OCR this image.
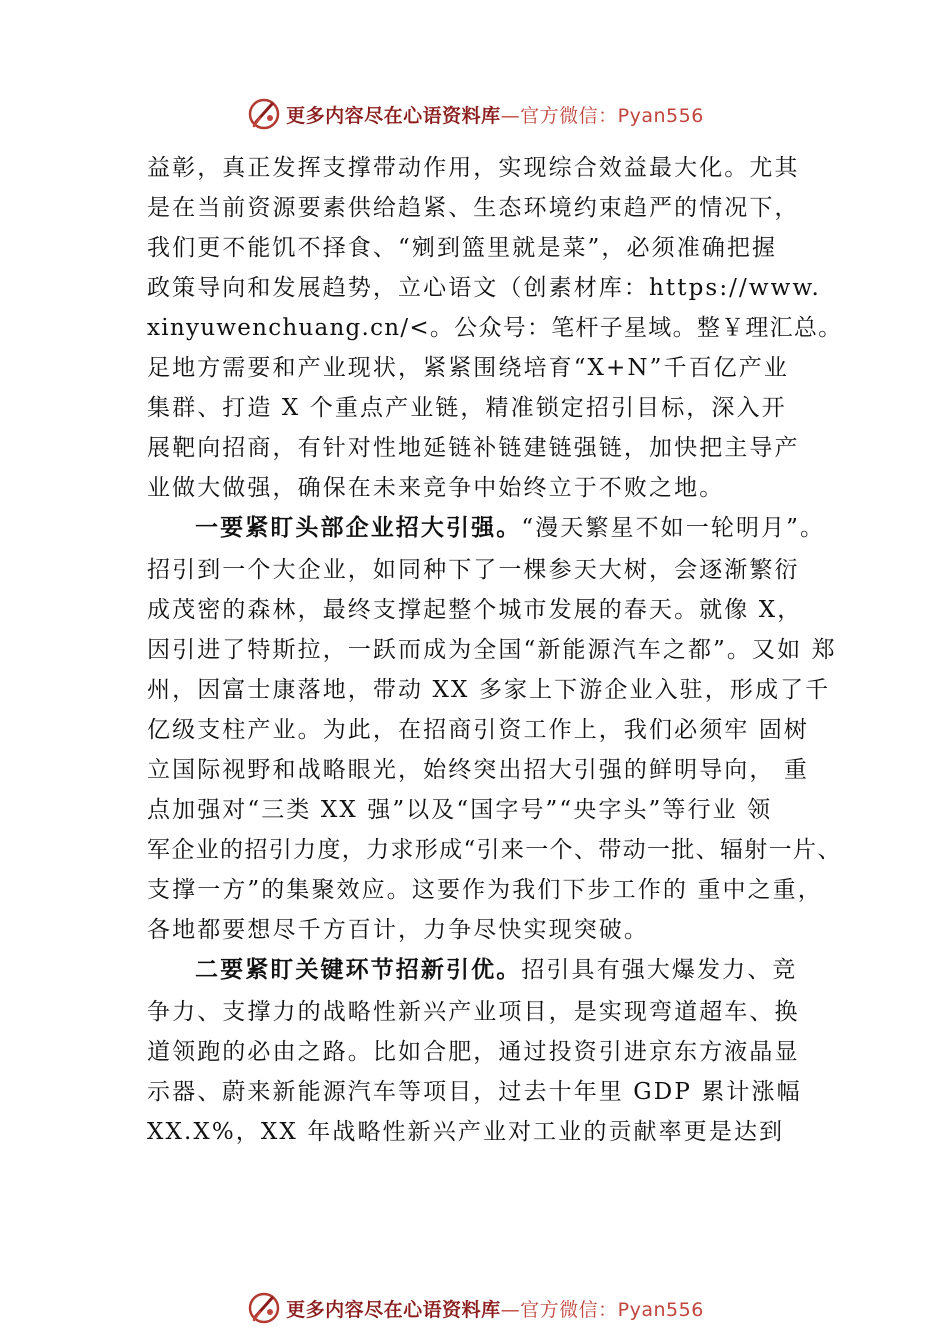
更多内容尽在心语资料库 —官方微信：Pyan556
益彰，真正发挥支撑带动作用，实现综合效益最大化。尤其
是在当前资源要素供给趋紧、生态环境约束趋严的情况下，
我们更不能饥不择食、“剜到篮里就是菜”，必须准确把握
政策导向和发展趋势，立心语文（创素材库：https://www.
xinyuwenchuang.cn/<。公众号：笔杆子星域。整￥理汇总。
足地方需要和产业现状，紧紧围绕培育“X+N”千百亿产业
集群、打造 X 个重点产业链，精准锁定招引目标，深入开
展靶向招商，有针对性地延链补链建链强链，加快把主导产
业做大做强，确保在未来竞争中始终立于不败之地。
一要紧盯头部企业招大引强。“漫天繁星不如一轮明月”。
招引到一个大企业，如同种下了一棵参天大树，会逐渐繁衍
成茂密的森林，最终支撑起整个城市发展的春天。就像 X，
因引进了特斯拉，一跃而成为全国“新能源汽车之都”。又如 郑
州，因富士康落地，带动 XX 多家上下游企业入驻，形成了千
亿级支柱产业。为此，在招商引资工作上，我们必须牢 固树
立国际视野和战略眼光，始终突出招大引强的鲜明导向， 重
点加强对“三类 XX 强”以及“国字号”“央字头”等行业 领
军企业的招引力度，力求形成“引来一个、带动一批、辐射一片、
支撑一方”的集聚效应。这要作为我们下步工作的 重中之重，
各地都要想尽千方百计，力争尽快实现突破。
二要紧盯关键环节招新引优。招引具有强大爆发力、竞
争力、支撑力的战略性新兴产业项目，是实现弯道超车、换
道领跑的必由之路。比如合肥，通过投资引进京东方液晶显
示器、蔚来新能源汽车等项目，过去十年里 GDP 累计涨幅
XX.X%，XX 年战略性新兴产业对工业的贡献率更是达到
更多内容尽在心语资料库 —官方微信：Pyan556
